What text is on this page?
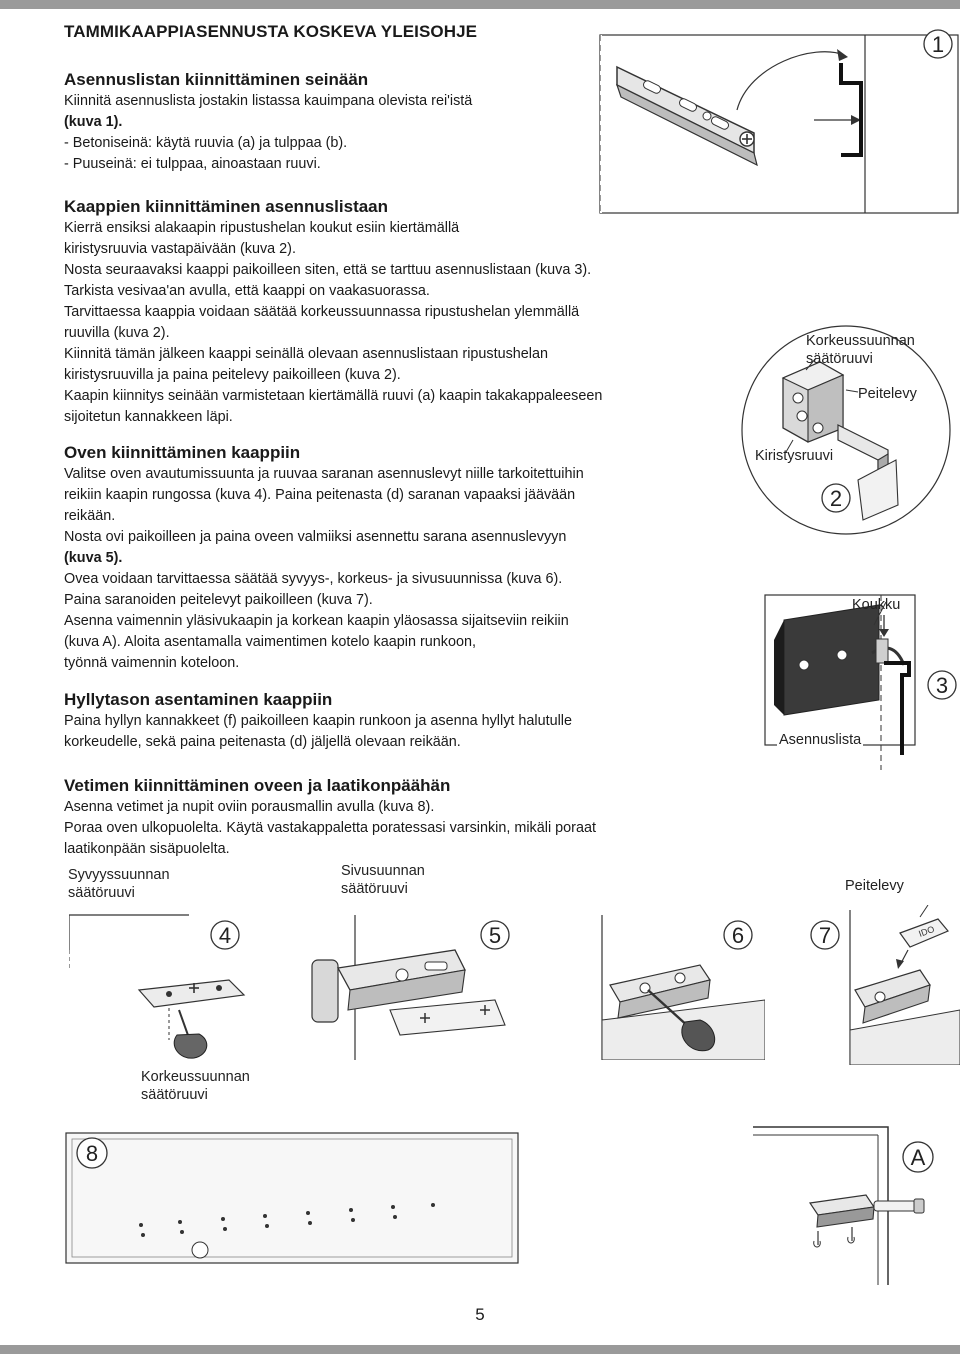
TAMMIKAAPPIASENNUSTA KOSKEVA YLEISOHJE
Asennuslistan kiinnittäminen seinään

Kiinnitä asennuslista jostakin listassa kauimpana olevista rei'istä

(kuva 1).

- Betoniseinä: käytä ruuvia (a) ja tulppaa (b).

- Puuseinä: ei tulppaa, ainoastaan ruuvi.

Kaappien kiinnittäminen asennuslistaan

Kierrä ensiksi alakaapin ripustushelan koukut esiin kiertämällä

kiristysruuvia vastapäivään (kuva 2).

Nosta seuraavaksi kaappi paikoilleen siten, että se tarttuu asennuslistaan (kuva 3).

Tarkista vesivaa'an avulla, että kaappi on vaakasuorassa.

Tarvittaessa kaappia voidaan säätää korkeussuunnassa ripustushelan ylemmällä

ruuvilla (kuva 2).

Kiinnitä tämän jälkeen kaappi seinällä olevaan asennuslistaan ripustushelan

kiristysruuvilla ja paina peitelevy paikoilleen (kuva 2).

Kaapin kiinnitys seinään varmistetaan kiertämällä ruuvi (a) kaapin takakappaleeseen

sijoitetun kannakkeen läpi.

Oven kiinnittäminen kaappiin

Valitse oven avautumissuunta ja ruuvaa saranan asennuslevyt niille tarkoitettuihin

reikiin kaapin rungossa (kuva 4). Paina peitenasta (d) saranan vapaaksi jäävään

reikään.

Nosta ovi paikoilleen ja paina oveen valmiiksi asennettu sarana asennuslevyyn

(kuva 5).

Ovea voidaan tarvittaessa säätää syvyys-, korkeus- ja sivusuunnissa (kuva 6).

Paina saranoiden peitelevyt paikoilleen (kuva 7).

Asenna vaimennin yläsivukaapin ja korkean kaapin yläosassa sijaitseviin reikiin

(kuva A). Aloita asentamalla vaimentimen kotelo kaapin runkoon,

työnnä vaimennin koteloon.

Hyllytason asentaminen kaappiin

Paina hyllyn kannakkeet (f) paikoilleen kaapin runkoon ja asenna hyllyt halutulle

korkeudelle, sekä paina peitenasta (d) jäljellä olevaan reikään.

Vetimen kiinnittäminen oveen ja laatikonpäähän

Asenna vetimet ja nupit oviin porausmallin avulla (kuva 8).

Poraa oven ulkopuolelta. Käytä vastakappaletta poratessasi varsinkin, mikäli poraat

laatikonpään sisäpuolelta.

1
2
Korkeussuunnan
säätöruuvi
Peitelevy
Kiristysruuvi
3
Koukku
Asennuslista
4
Syvyyssuunnan
säätöruuvi
Korkeussuunnan
säätöruuvi
5
Sivusuunnan
säätöruuvi
6	IDO
7
Peitelevy
8	A
5
